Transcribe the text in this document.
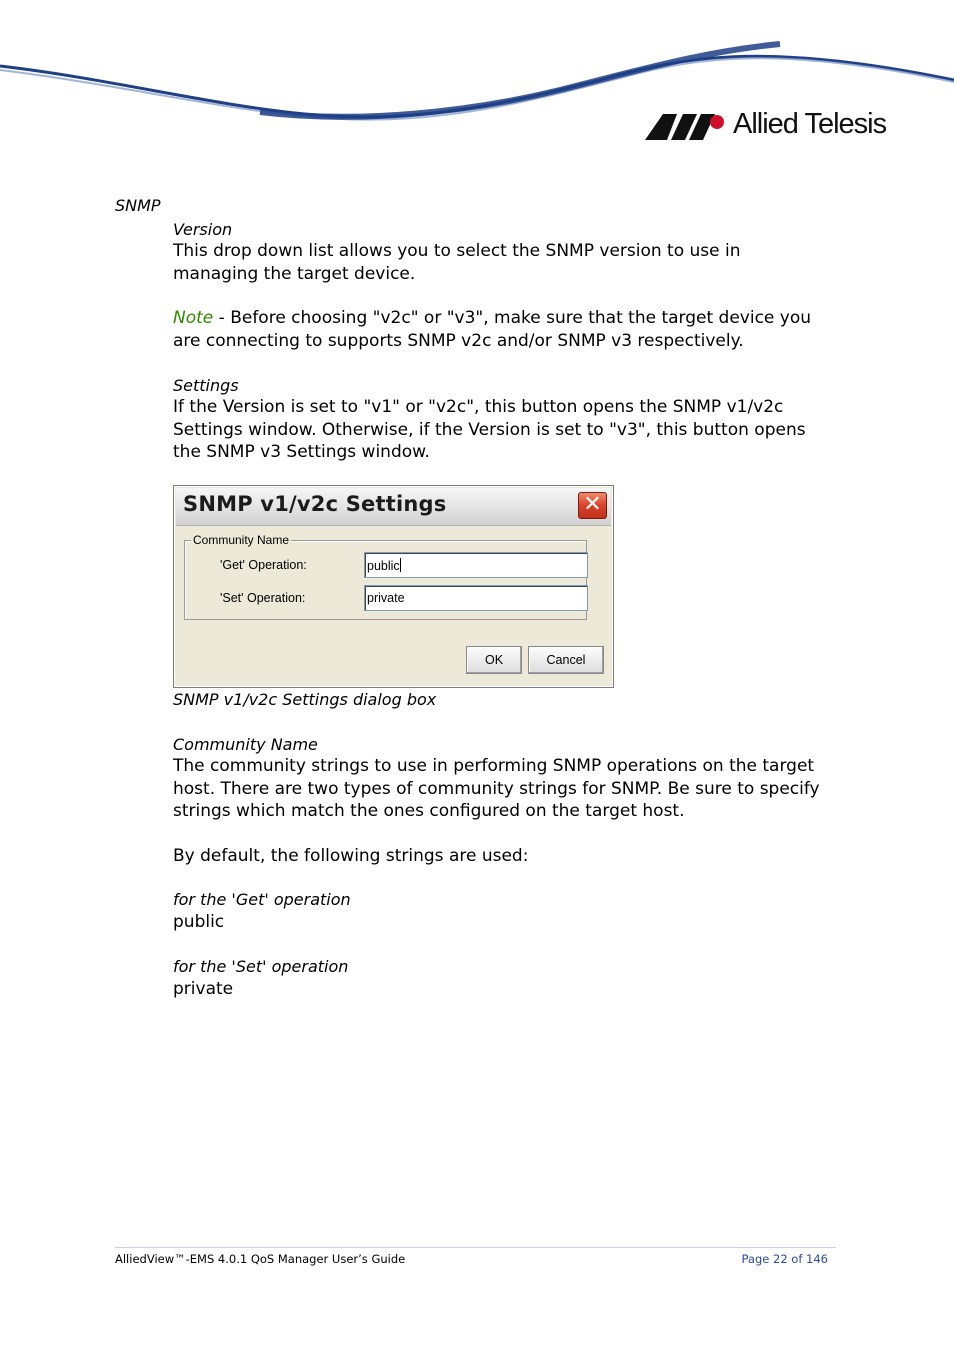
Allied Telesis
SNMP
Version
This drop down list allows you to select the SNMP version to use in managing the target device.
Note - Before choosing "v2c" or "v3", make sure that the target device you are connecting to supports SNMP v2c and/or SNMP v3 respectively.
Settings
If the Version is set to "v1" or "v2c", this button opens the SNMP v1/v2c Settings window. Otherwise, if the Version is set to "v3", this button opens the SNMP v3 Settings window.
SNMP v1/v2c Settings	✕
Community Name
'Get' Operation:	public
'Set' Operation:	private
OK	Cancel
SNMP v1/v2c Settings dialog box
Community Name
The community strings to use in performing SNMP operations on the target host. There are two types of community strings for SNMP. Be sure to specify strings which match the ones configured on the target host.
By default, the following strings are used:
for the 'Get' operation
public
for the 'Set' operation
private
AlliedView™-EMS 4.0.1 QoS Manager User’s Guide	Page 22 of 146
